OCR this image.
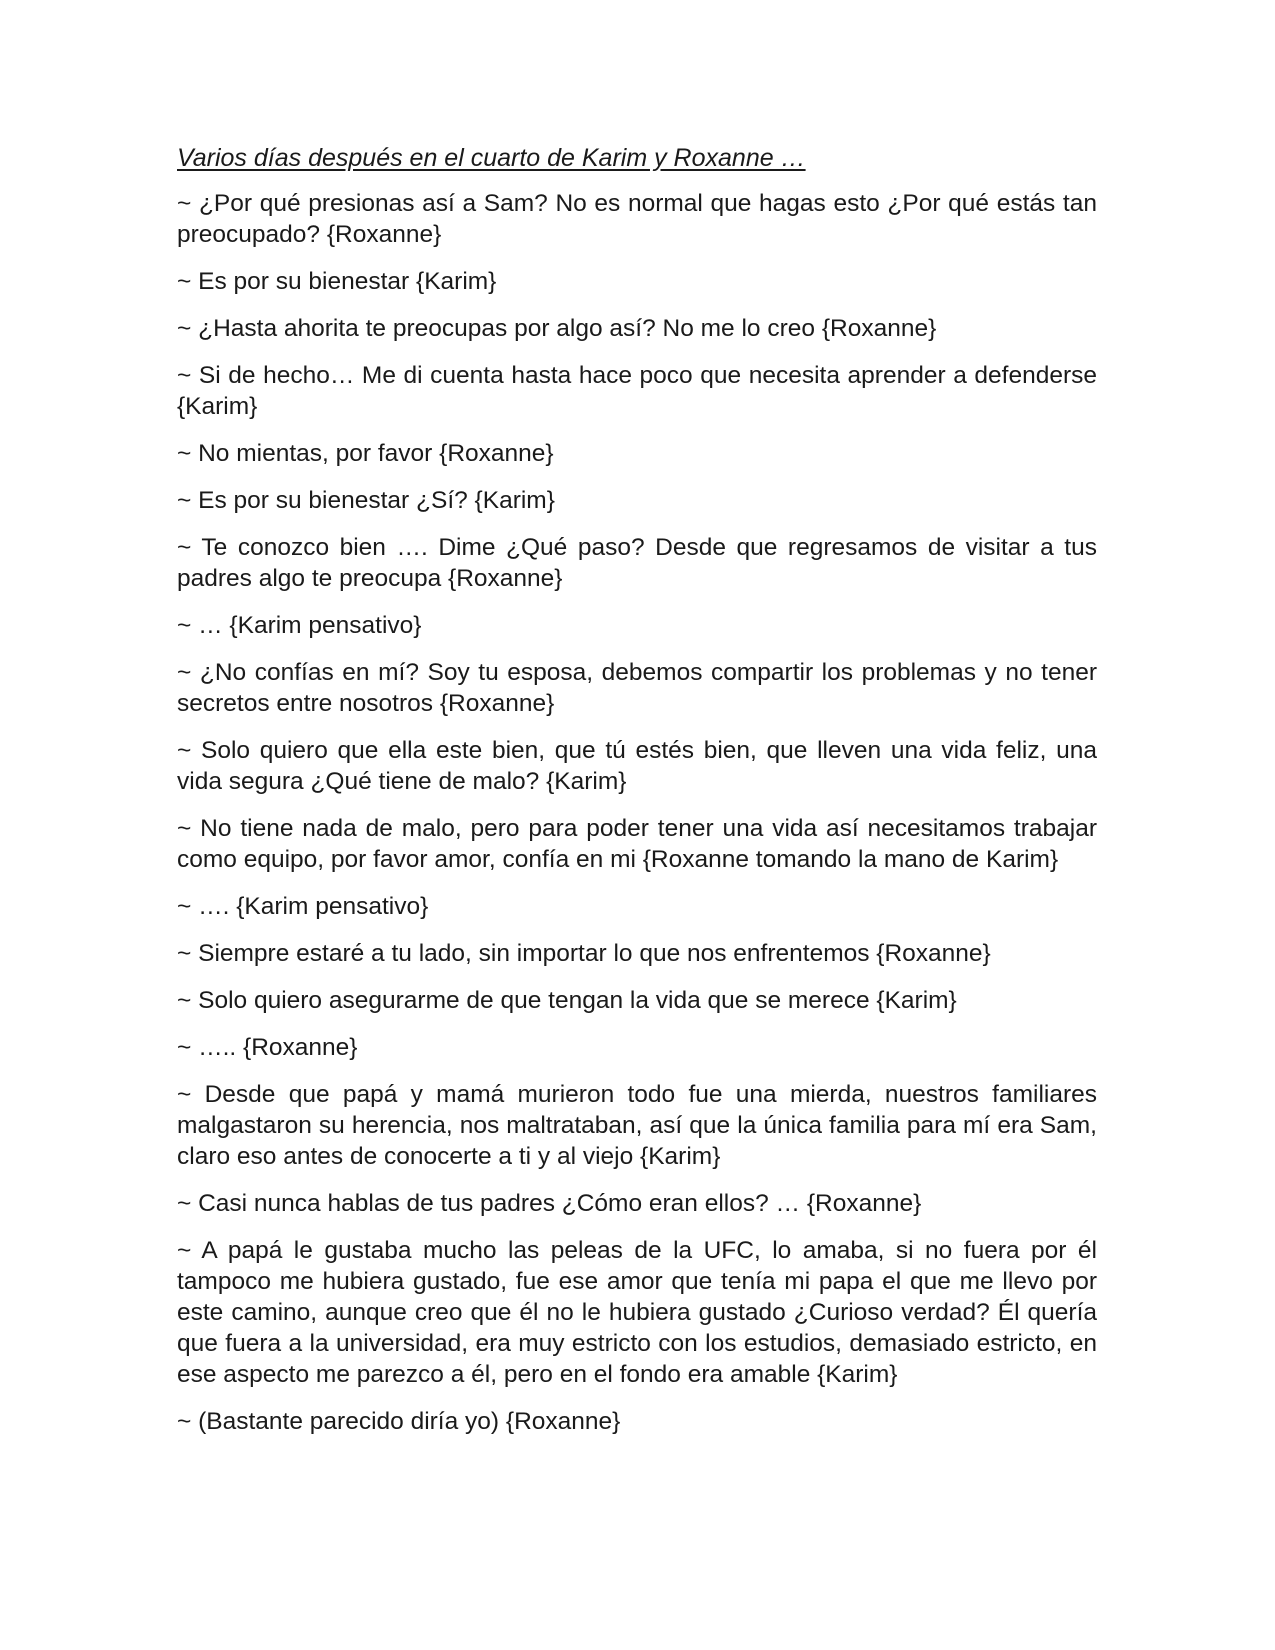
Varios días después en el cuarto de Karim y Roxanne …

~ ¿Por qué presionas así a Sam? No es normal que hagas esto ¿Por qué estás tan preocupado? {Roxanne}

~ Es por su bienestar {Karim}

~ ¿Hasta ahorita te preocupas por algo así? No me lo creo {Roxanne}

~ Si de hecho… Me di cuenta hasta hace poco que necesita aprender a defenderse {Karim}

~ No mientas, por favor {Roxanne}

~ Es por su bienestar ¿Sí? {Karim}

~ Te conozco bien …. Dime ¿Qué paso? Desde que regresamos de visitar a tus padres algo te preocupa {Roxanne}

~ … {Karim pensativo}

~ ¿No confías en mí? Soy tu esposa, debemos compartir los problemas y no tener secretos entre nosotros {Roxanne}

~ Solo quiero que ella este bien, que tú estés bien, que lleven una vida feliz, una vida segura ¿Qué tiene de malo? {Karim}

~ No tiene nada de malo, pero para poder tener una vida así necesitamos trabajar como equipo, por favor amor, confía en mi {Roxanne tomando la mano de Karim}

~ …. {Karim pensativo}

~ Siempre estaré a tu lado, sin importar lo que nos enfrentemos {Roxanne}

~ Solo quiero asegurarme de que tengan la vida que se merece {Karim}

~ ….. {Roxanne}

~ Desde que papá y mamá murieron todo fue una mierda, nuestros familiares malgastaron su herencia, nos maltrataban, así que la única familia para mí era Sam, claro eso antes de conocerte a ti y al viejo {Karim}

~ Casi nunca hablas de tus padres ¿Cómo eran ellos? … {Roxanne}

~ A papá le gustaba mucho las peleas de la UFC, lo amaba, si no fuera por él tampoco me hubiera gustado, fue ese amor que tenía mi papa el que me llevo por este camino, aunque creo que él no le hubiera gustado ¿Curioso verdad? Él quería que fuera a la universidad, era muy estricto con los estudios, demasiado estricto, en ese aspecto me parezco a él, pero en el fondo era amable {Karim}

~ (Bastante parecido diría yo) {Roxanne}
